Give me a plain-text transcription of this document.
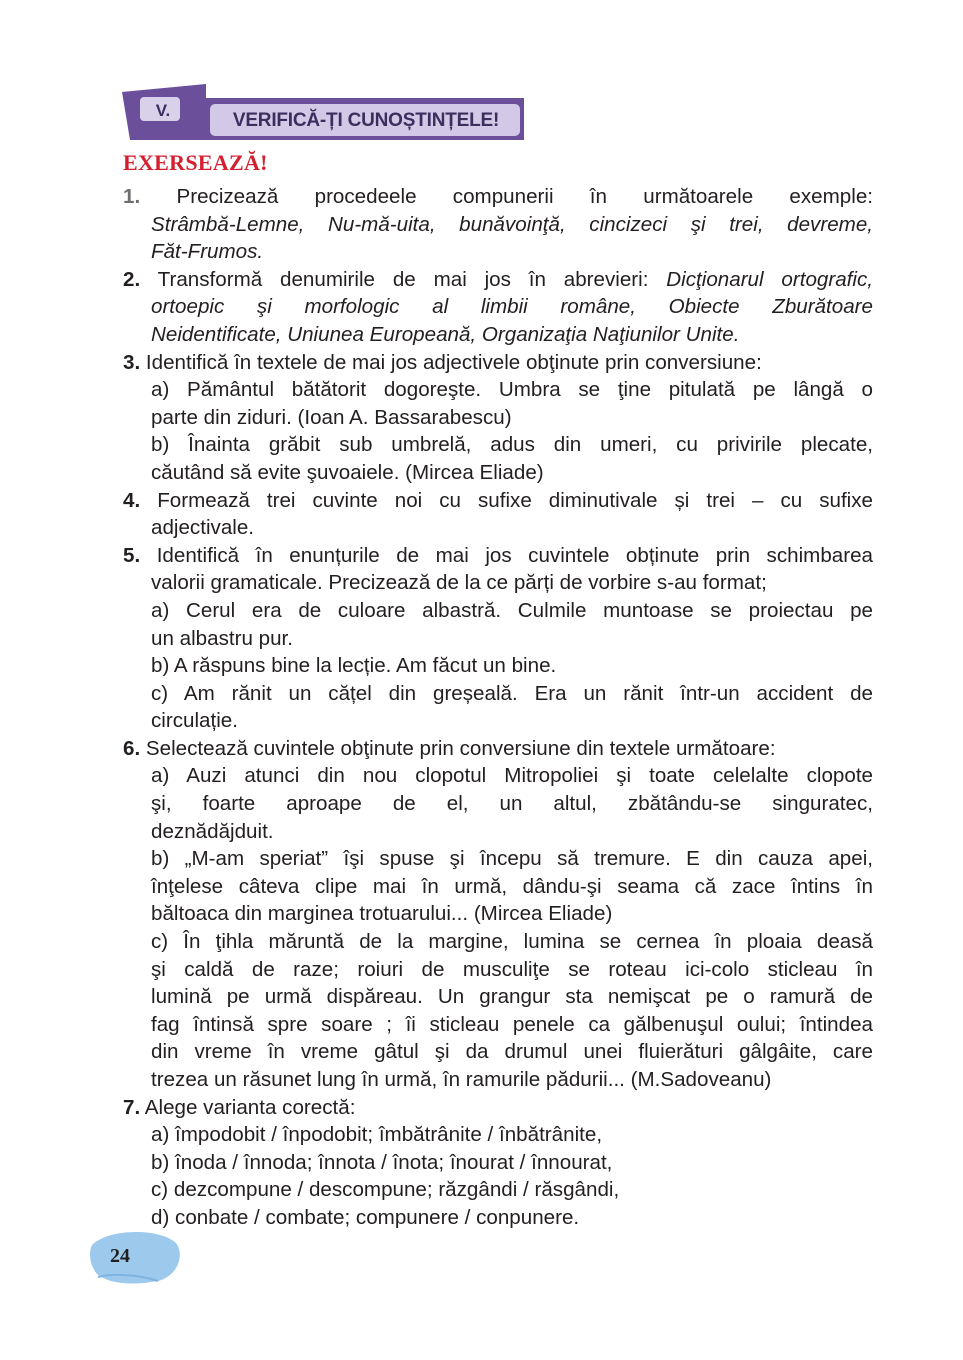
V.	VERIFICĂ-ȚI CUNOȘTINȚELE!
EXERSEAZĂ!
1. Precizează procedeele compunerii în următoarele exemple:
Strâmbă-Lemne, Nu-mă-uita, bunăvoinţă, cincizeci şi trei, devreme,
Făt-Frumos.
2. Transformă denumirile de mai jos în abrevieri: Dicţionarul ortografic,
ortoepic şi morfologic al limbii române, Obiecte Zburătoare
Neidentificate, Uniunea Europeană, Organizaţia Naţiunilor Unite.
3. Identifică în textele de mai jos adjectivele obţinute prin conversiune:
a) Pământul bătătorit dogoreşte. Umbra se ţine pitulată pe lângă o
parte din ziduri. (Ioan A. Bassarabescu)
b) Înainta grăbit sub umbrelă, adus din umeri, cu privirile plecate,
căutând să evite şuvoaiele. (Mircea Eliade)
4. Formează trei cuvinte noi cu sufixe diminutivale și trei – cu sufixe
adjectivale.
5. Identifică în enunțurile de mai jos cuvintele obținute prin schimbarea
valorii gramaticale. Precizează de la ce părți de vorbire s-au format;
a) Cerul era de culoare albastră. Culmile muntoase se proiectau pe
un albastru pur.
b) A răspuns bine la lecție. Am făcut un bine.
c) Am rănit un cățel din greșeală. Era un rănit într-un accident de
circulație.
6. Selectează cuvintele obţinute prin conversiune din textele următoare:
a) Auzi atunci din nou clopotul Mitropoliei şi toate celelalte clopote
şi, foarte aproape de el, un altul, zbătându-se singuratec,
deznădăjduit.
b) „M-am speriat” îşi spuse şi începu să tremure. E din cauza apei,
înţelese câteva clipe mai în urmă, dându-şi seama că zace întins în
băltoaca din marginea trotuarului... (Mircea Eliade)
c) În ţihla măruntă de la margine, lumina se cernea în ploaia deasă
şi caldă de raze; roiuri de musculiţe se roteau ici-colo sticleau în
lumină pe urmă dispăreau. Un grangur sta nemişcat pe o ramură de
fag întinsă spre soare ; îi sticleau penele ca gălbenuşul oului; întindea
din vreme în vreme gâtul şi da drumul unei fluierături gâlgâite, care
trezea un răsunet lung în urmă, în ramurile pădurii... (M.Sadoveanu)
7. Alege varianta corectă:
a) împodobit / înpodobit; îmbătrânite / înbătrânite,
b) înoda / înnoda; înnota / înota; înourat / înnourat,
c) dezcompune / descompune; răzgândi / răsgândi,
d) conbate / combate; compunere / conpunere.
24
